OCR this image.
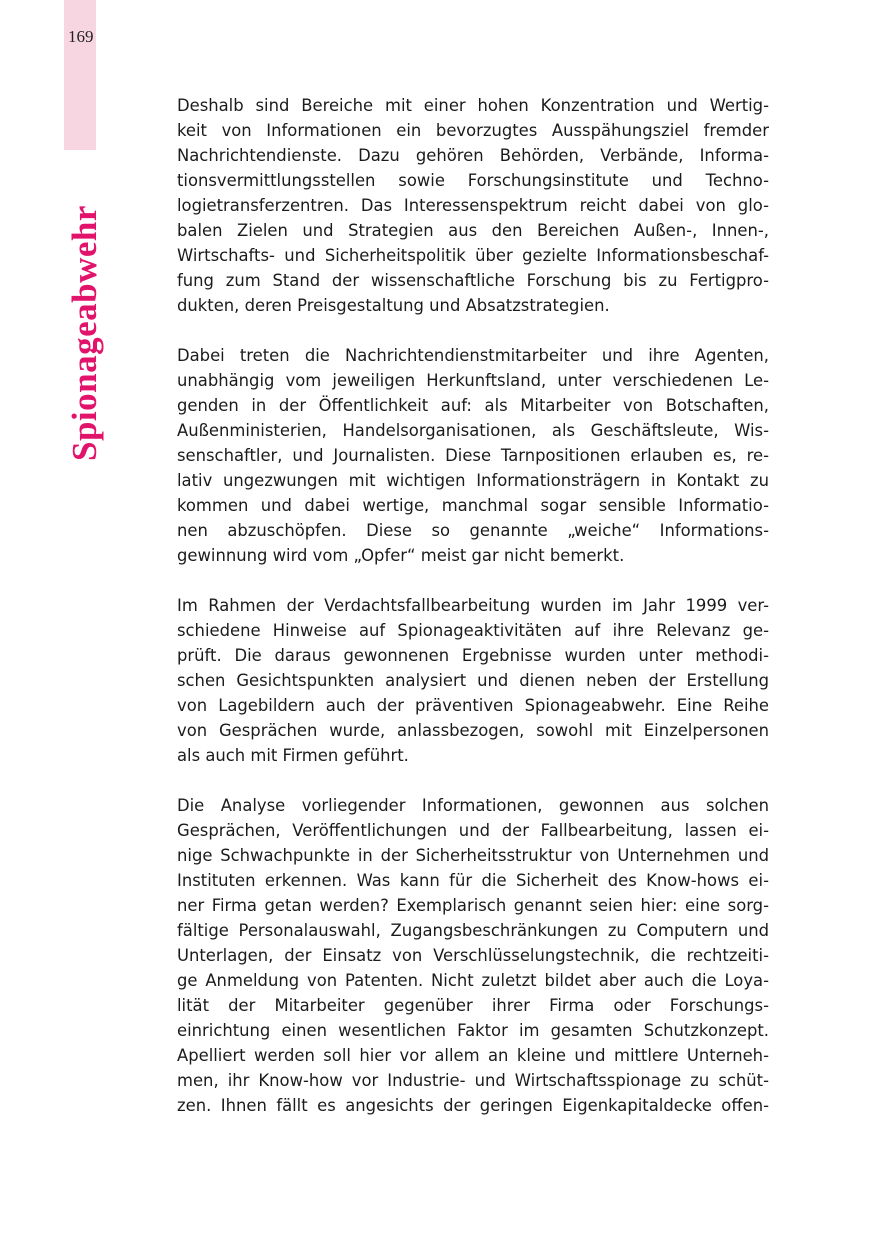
169
Spionageabwehr

Deshalb sind Bereiche mit einer hohen Konzentration und Wertig-
keit von Informationen ein bevorzugtes Ausspähungsziel fremder
Nachrichtendienste. Dazu gehören Behörden, Verbände, Informa-
tionsvermittlungsstellen sowie Forschungsinstitute und Techno-
logietransferzentren. Das Interessenspektrum reicht dabei von glo-
balen Zielen und Strategien aus den Bereichen Außen-, Innen-,
Wirtschafts- und Sicherheitspolitik über gezielte Informationsbeschaf-
fung zum Stand der wissenschaftliche Forschung bis zu Fertigpro-
dukten, deren Preisgestaltung und Absatzstrategien.

Dabei treten die Nachrichtendienstmitarbeiter und ihre Agenten,
unabhängig vom jeweiligen Herkunftsland, unter verschiedenen Le-
genden in der Öffentlichkeit auf: als Mitarbeiter von Botschaften,
Außenministerien, Handelsorganisationen, als Geschäftsleute, Wis-
senschaftler, und Journalisten. Diese Tarnpositionen erlauben es, re-
lativ ungezwungen mit wichtigen Informationsträgern in Kontakt zu
kommen und dabei wertige, manchmal sogar sensible Informatio-
nen abzuschöpfen. Diese so genannte „weiche“ Informations-
gewinnung wird vom „Opfer“ meist gar nicht bemerkt.

Im Rahmen der Verdachtsfallbearbeitung wurden im Jahr 1999 ver-
schiedene Hinweise auf Spionageaktivitäten auf ihre Relevanz ge-
prüft. Die daraus gewonnenen Ergebnisse wurden unter methodi-
schen Gesichtspunkten analysiert und dienen neben der Erstellung
von Lagebildern auch der präventiven Spionageabwehr. Eine Reihe
von Gesprächen wurde, anlassbezogen, sowohl mit Einzelpersonen
als auch mit Firmen geführt.

Die Analyse vorliegender Informationen, gewonnen aus solchen
Gesprächen, Veröffentlichungen und der Fallbearbeitung, lassen ei-
nige Schwachpunkte in der Sicherheitsstruktur von Unternehmen und
Instituten erkennen. Was kann für die Sicherheit des Know-hows ei-
ner Firma getan werden? Exemplarisch genannt seien hier: eine sorg-
fältige Personalauswahl, Zugangsbeschränkungen zu Computern und
Unterlagen, der Einsatz von Verschlüsselungstechnik, die rechtzeiti-
ge Anmeldung von Patenten. Nicht zuletzt bildet aber auch die Loya-
lität der Mitarbeiter gegenüber ihrer Firma oder Forschungs-
einrichtung einen wesentlichen Faktor im gesamten Schutzkonzept.
Apelliert werden soll hier vor allem an kleine und mittlere Unterneh-
men, ihr Know-how vor Industrie- und Wirtschaftsspionage zu schüt-
zen. Ihnen fällt es angesichts der geringen Eigenkapitaldecke offen-
